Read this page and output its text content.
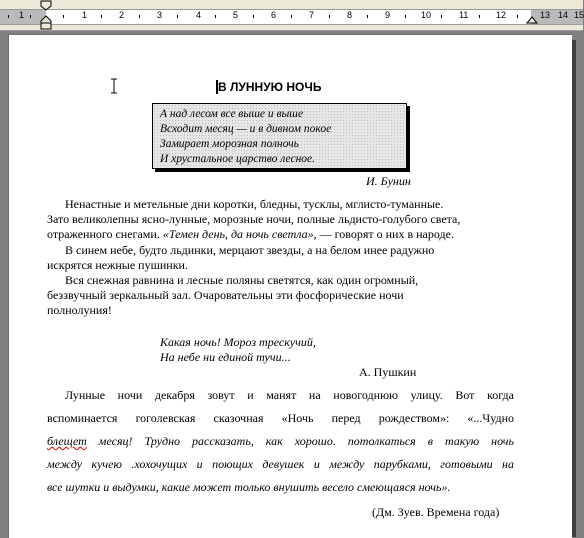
1	1	2	3	4	5	6	7	8	9	10	11	12	13 14 15
В ЛУННУЮ НОЧЬ
А над лесом все выше и выше
Всходит месяц — и в дивном покое
Замирает морозная полночь
И хрустальное царство лесное.
И. Бунин
Ненастные и метельные дни коротки, бледны, тусклы, мглисто-туманные.
Зато великолепны ясно-лунные, морозные ночи, полные льдисто-голубого света,
отраженного снегами. «Темен день, да ночь светла», — говорят о них в народе.
В синем небе, будто льдинки, мерцают звезды, а на белом инее радужно
искрятся нежные пушинки.
Вся снежная равнина и лесные поляны светятся, как один огромный,
беззвучный зеркальный зал. Очаровательны эти фосфорические ночи
полнолуния!
Какая ночь! Мороз трескучий,
На небе ни единой тучи...
А. Пушкин
Лунные ночи декабря зовут и манят на новогоднюю улицу. Вот когда
вспоминается гоголевская сказочная «Ночь перед рождеством»: «...Чудно
блещет месяц! Трудно рассказать, как хорошо. потолкаться в такую ночь
между кучею .хохочущих и поющих девушек и между парубками, готовыми на
все шутки и выдумки, какие может только внушить весело смеющаяся ночь».
(Дм. Зуев. Времена года)
